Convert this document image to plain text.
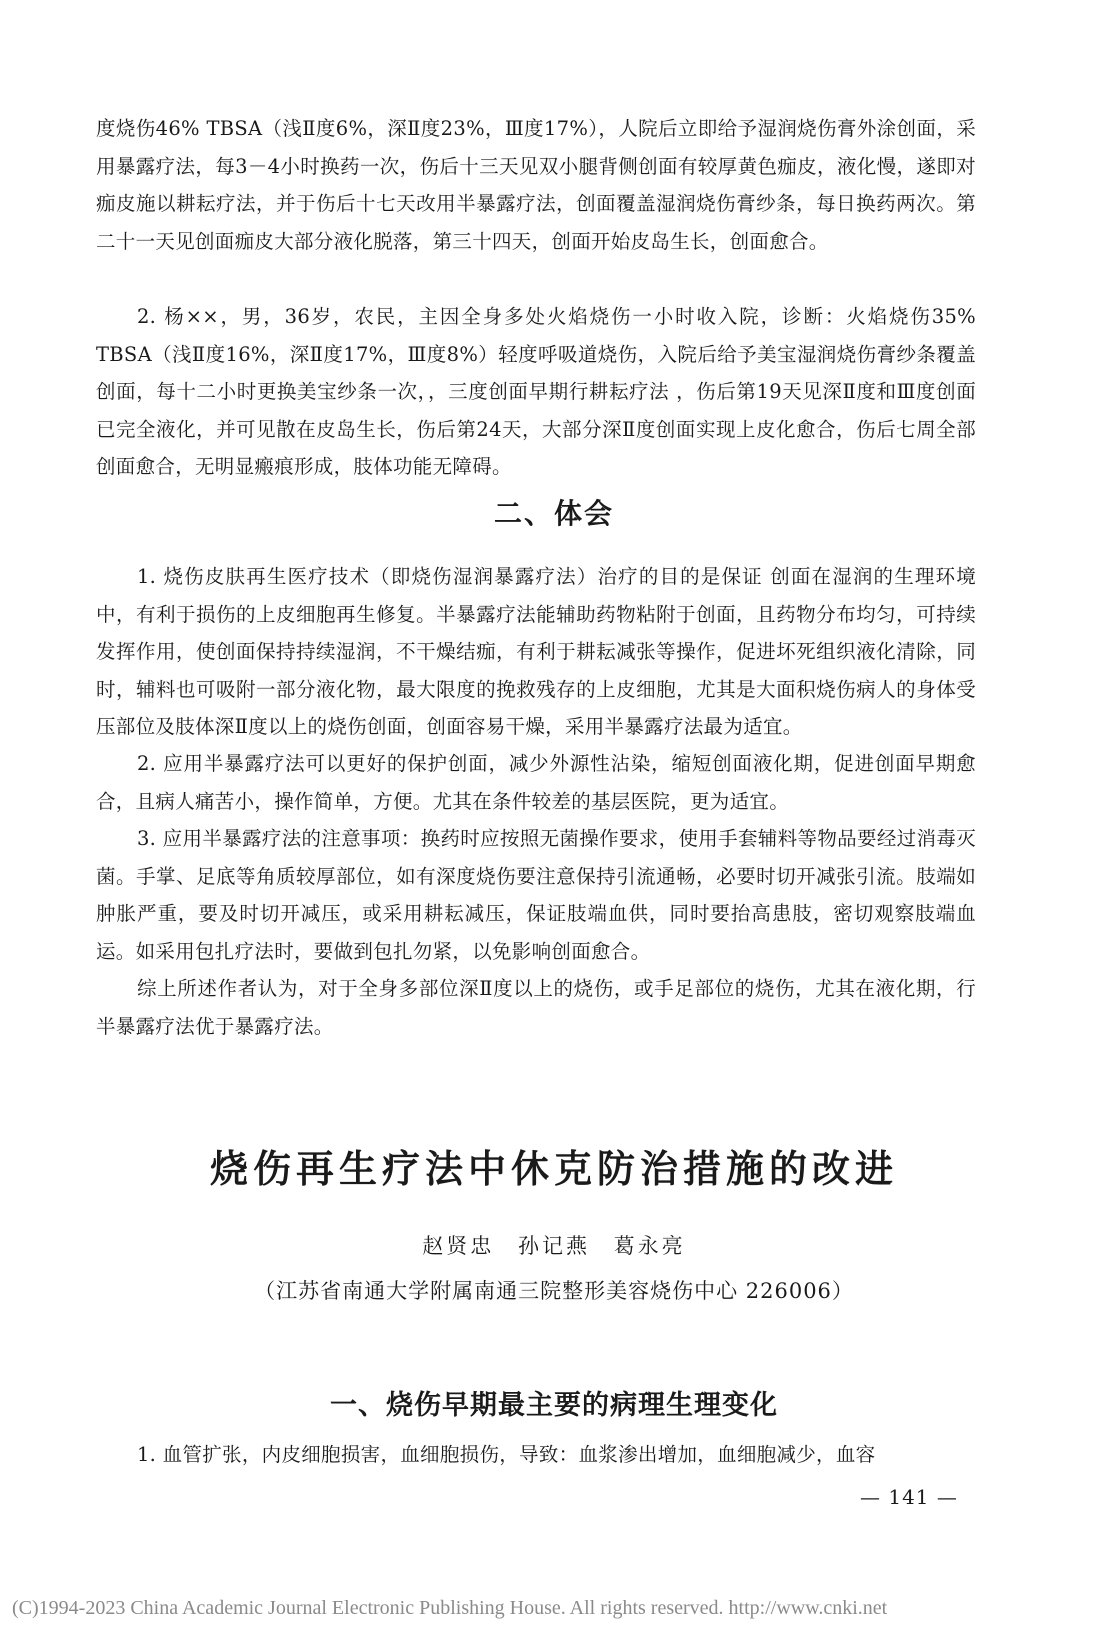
度烧伤46% TBSA（浅Ⅱ度6%，深Ⅱ度23%，Ⅲ度17%），人院后立即给予湿润烧伤膏外涂创面，采用暴露疗法，每3－4小时换药一次，伤后十三天见双小腿背侧创面有较厚黄色痂皮，液化慢，遂即对痂皮施以耕耘疗法，并于伤后十七天改用半暴露疗法，创面覆盖湿润烧伤膏纱条，每日换药两次。第二十一天见创面痂皮大部分液化脱落，第三十四天，创面开始皮岛生长，创面愈合。
2. 杨××，男，36岁，农民，主因全身多处火焰烧伤一小时收入院，诊断：火焰烧伤35% TBSA（浅Ⅱ度16%，深Ⅱ度17%，Ⅲ度8%）轻度呼吸道烧伤，入院后给予美宝湿润烧伤膏纱条覆盖创面，每十二小时更换美宝纱条一次，，三度创面早期行耕耘疗法 ，伤后第19天见深Ⅱ度和Ⅲ度创面已完全液化，并可见散在皮岛生长，伤后第24天，大部分深Ⅱ度创面实现上皮化愈合，伤后七周全部创面愈合，无明显瘢痕形成，肢体功能无障碍。
二、体会
1. 烧伤皮肤再生医疗技术（即烧伤湿润暴露疗法）治疗的目的是保证 创面在湿润的生理环境中，有利于损伤的上皮细胞再生修复。半暴露疗法能辅助药物粘附于创面，且药物分布均匀，可持续发挥作用，使创面保持持续湿润，不干燥结痂，有利于耕耘减张等操作，促进坏死组织液化清除，同时，辅料也可吸附一部分液化物，最大限度的挽救残存的上皮细胞，尤其是大面积烧伤病人的身体受压部位及肢体深Ⅱ度以上的烧伤创面，创面容易干燥，采用半暴露疗法最为适宜。
2. 应用半暴露疗法可以更好的保护创面，减少外源性沾染，缩短创面液化期，促进创面早期愈合，且病人痛苦小，操作简单，方便。尤其在条件较差的基层医院，更为适宜。
3. 应用半暴露疗法的注意事项：换药时应按照无菌操作要求，使用手套辅料等物品要经过消毒灭菌。手掌、足底等角质较厚部位，如有深度烧伤要注意保持引流通畅，必要时切开减张引流。肢端如肿胀严重，要及时切开减压，或采用耕耘减压，保证肢端血供，同时要抬高患肢，密切观察肢端血运。如采用包扎疗法时，要做到包扎勿紧，以免影响创面愈合。
综上所述作者认为，对于全身多部位深Ⅱ度以上的烧伤，或手足部位的烧伤，尤其在液化期，行半暴露疗法优于暴露疗法。
烧伤再生疗法中休克防治措施的改进
赵贤忠 孙记燕 葛永亮
（江苏省南通大学附属南通三院整形美容烧伤中心 226006）
一、烧伤早期最主要的病理生理变化
1. 血管扩张，内皮细胞损害，血细胞损伤，导致：血浆渗出增加，血细胞减少，血容
— 141 —
(C)1994-2023 China Academic Journal Electronic Publishing House. All rights reserved. http://www.cnki.net
